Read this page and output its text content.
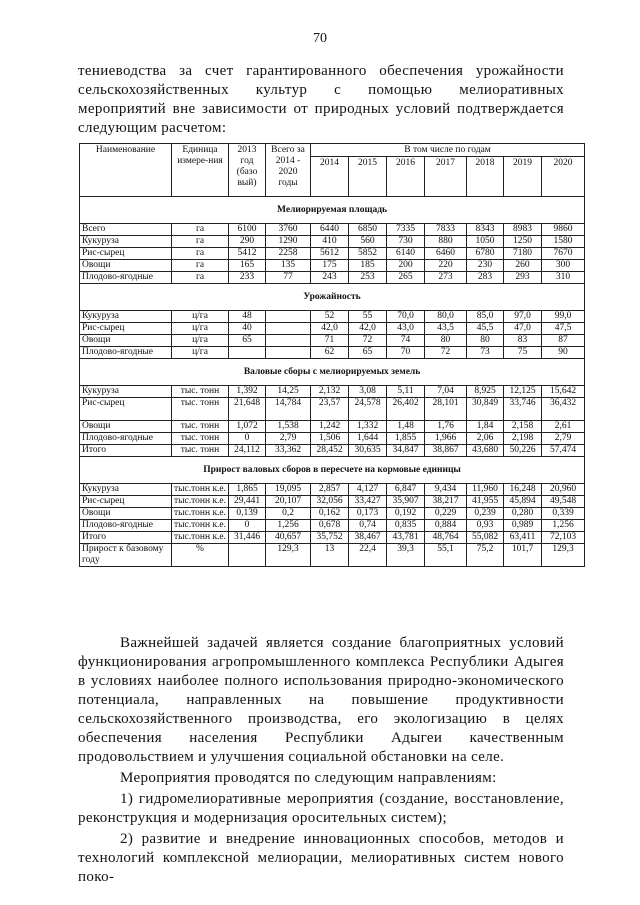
70

тениеводства за счет гарантированного обеспечения урожайности сельскохозяйственных культур с помощью мелиоративных мероприятий вне зависимости от природных условий подтверждается следующим расчетом:

Наименование	Единица измере-ния	2013 год (базо вый)	Всего за 2014 - 2020 годы	В том числе по годам						
				2014	2015	2016	2017	2018	2019	2020
Мелиорируемая площадь										
Всего	га	6100	3760	6440	6850	7335	7833	8343	8983	9860
Кукуруза	га	290	1290	410	560	730	880	1050	1250	1580
Рис-сырец	га	5412	2258	5612	5852	6140	6460	6780	7180	7670
Овощи	га	165	135	175	185	200	220	230	260	300
Плодово-ягодные	га	233	77	243	253	265	273	283	293	310
Урожайность										
Кукуруза	ц/га	48		52	55	70,0	80,0	85,0	97,0	99,0
Рис-сырец	ц/га	40		42,0	42,0	43,0	43,5	45,5	47,0	47,5
Овощи	ц/га	65		71	72	74	80	80	83	87
Плодово-ягодные	ц/га			62	65	70	72	73	75	90
Валовые сборы с мелиорируемых земель										
Кукуруза	тыс. тонн	1,392	14,25	2,132	3,08	5,11	7,04	8,925	12,125	15,642
Рис-сырец	тыс. тонн	21,648	14,784	23,57	24,578	26,402	28,101	30,849	33,746	36,432
Овощи	тыс. тонн	1,072	1,538	1,242	1,332	1,48	1,76	1,84	2,158	2,61
Плодово-ягодные	тыс. тонн	0	2,79	1,506	1,644	1,855	1,966	2,06	2,198	2,79
Итого	тыс. тонн	24,112	33,362	28,452	30,635	34,847	38,867	43,680	50,226	57,474
Прирост валовых сборов в пересчете на кормовые единицы										
Кукуруза	тыс.тонн к.е.	1,865	19,095	2,857	4,127	6,847	9,434	11,960	16,248	20,960
Рис-сырец	тыс.тонн к.е.	29,441	20,107	32,056	33,427	35,907	38,217	41,955	45,894	49,548
Овощи	тыс.тонн к.е.	0,139	0,2	0,162	0,173	0,192	0,229	0,239	0,280	0,339
Плодово-ягодные	тыс.тонн к.е.	0	1,256	0,678	0,74	0,835	0,884	0,93	0,989	1,256
Итого	тыс.тонн к.е.	31,446	40,657	35,752	38,467	43,781	48,764	55,082	63,411	72,103
Прирост к базовому году	%		129,3	13	22,4	39,3	55,1	75,2	101,7	129,3

Важнейшей задачей является создание благоприятных условий функционирования агропромышленного комплекса Республики Адыгея в условиях наиболее полного использования природно-экономического потенциала, направленных на повышение продуктивности сельскохозяйственного производства, его экологизацию в целях обеспечения населения Республики Адыгеи качественным продовольствием и улучшения социальной обстановки на селе.

Мероприятия проводятся по следующим направлениям:

1) гидромелиоративные мероприятия (создание, восстановление, реконструкция и модернизация оросительных систем);

2) развитие и внедрение инновационных способов, методов и технологий комплексной мелиорации, мелиоративных систем нового поко-
